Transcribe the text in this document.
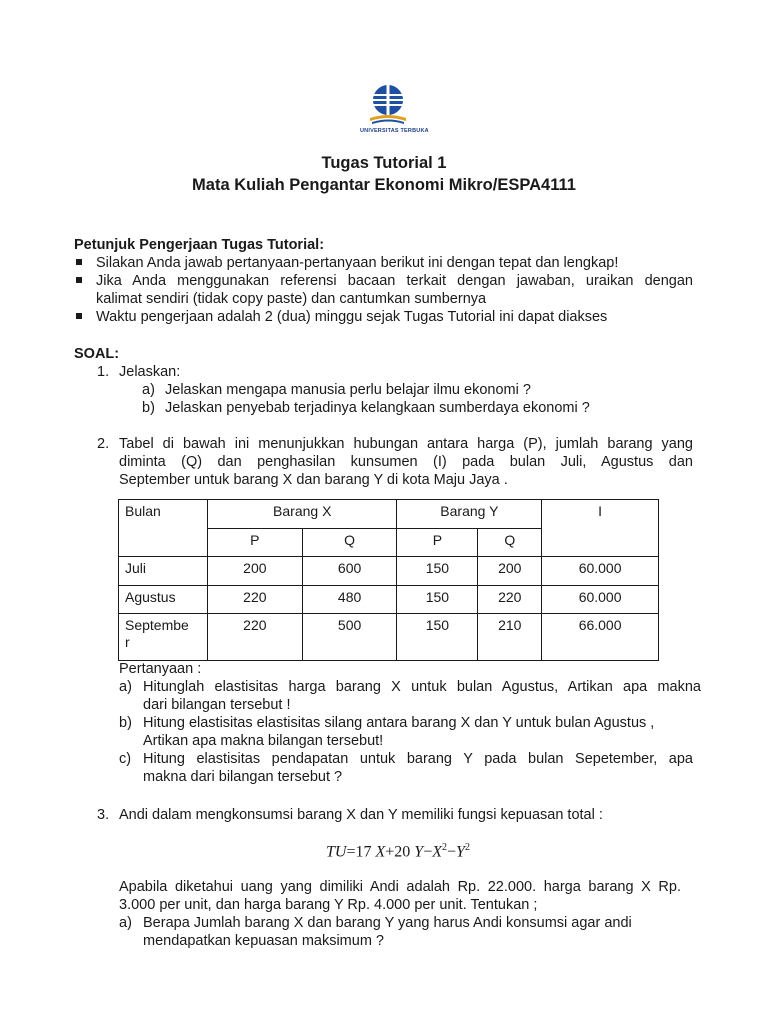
UNIVERSITAS TERBUKA
Tugas Tutorial 1
Mata Kuliah Pengantar Ekonomi Mikro/ESPA4111
Petunjuk Pengerjaan Tugas Tutorial:
Silakan Anda jawab pertanyaan-pertanyaan berikut ini dengan tepat dan lengkap!
Jika Anda menggunakan referensi bacaan terkait dengan jawaban, uraikan dengan
kalimat sendiri (tidak copy paste) dan cantumkan sumbernya
Waktu pengerjaan adalah 2 (dua) minggu sejak Tugas Tutorial ini dapat diakses
SOAL:
1. Jelaskan:
a) Jelaskan mengapa manusia perlu belajar ilmu ekonomi ?
b) Jelaskan penyebab terjadinya kelangkaan sumberdaya ekonomi ?
2. Tabel di bawah ini menunjukkan hubungan antara harga (P), jumlah barang yang
diminta (Q) dan penghasilan kunsumen (I) pada bulan Juli, Agustus dan
September untuk barang X dan barang Y di kota Maju Jaya .
Bulan	Barang X		Barang Y		I
	P	Q	P	Q	
Juli	200	600	150	200	60.000
Agustus	220	480	150	220	60.000
Septembe
r	220	500	150	210	66.000
Pertanyaan :
a) Hitunglah elastisitas harga barang X untuk bulan Agustus, Artikan apa makna
dari bilangan tersebut !
b) Hitung elastisitas elastisitas silang antara barang X dan Y untuk bulan Agustus ,
Artikan apa makna bilangan tersebut!
c) Hitung elastisitas pendapatan untuk barang Y pada bulan Sepetember, apa
makna dari bilangan tersebut ?
3. Andi dalam mengkonsumsi barang X dan Y memiliki fungsi kepuasan total :
TU=17 X+20 $Y-X^2-Y^2$
Apabila diketahui uang yang dimiliki Andi adalah Rp. 22.000. harga barang X Rp.
3.000 per unit, dan harga barang Y Rp. 4.000 per unit. Tentukan ;
a) Berapa Jumlah barang X dan barang Y yang harus Andi konsumsi agar andi
mendapatkan kepuasan maksimum ?
